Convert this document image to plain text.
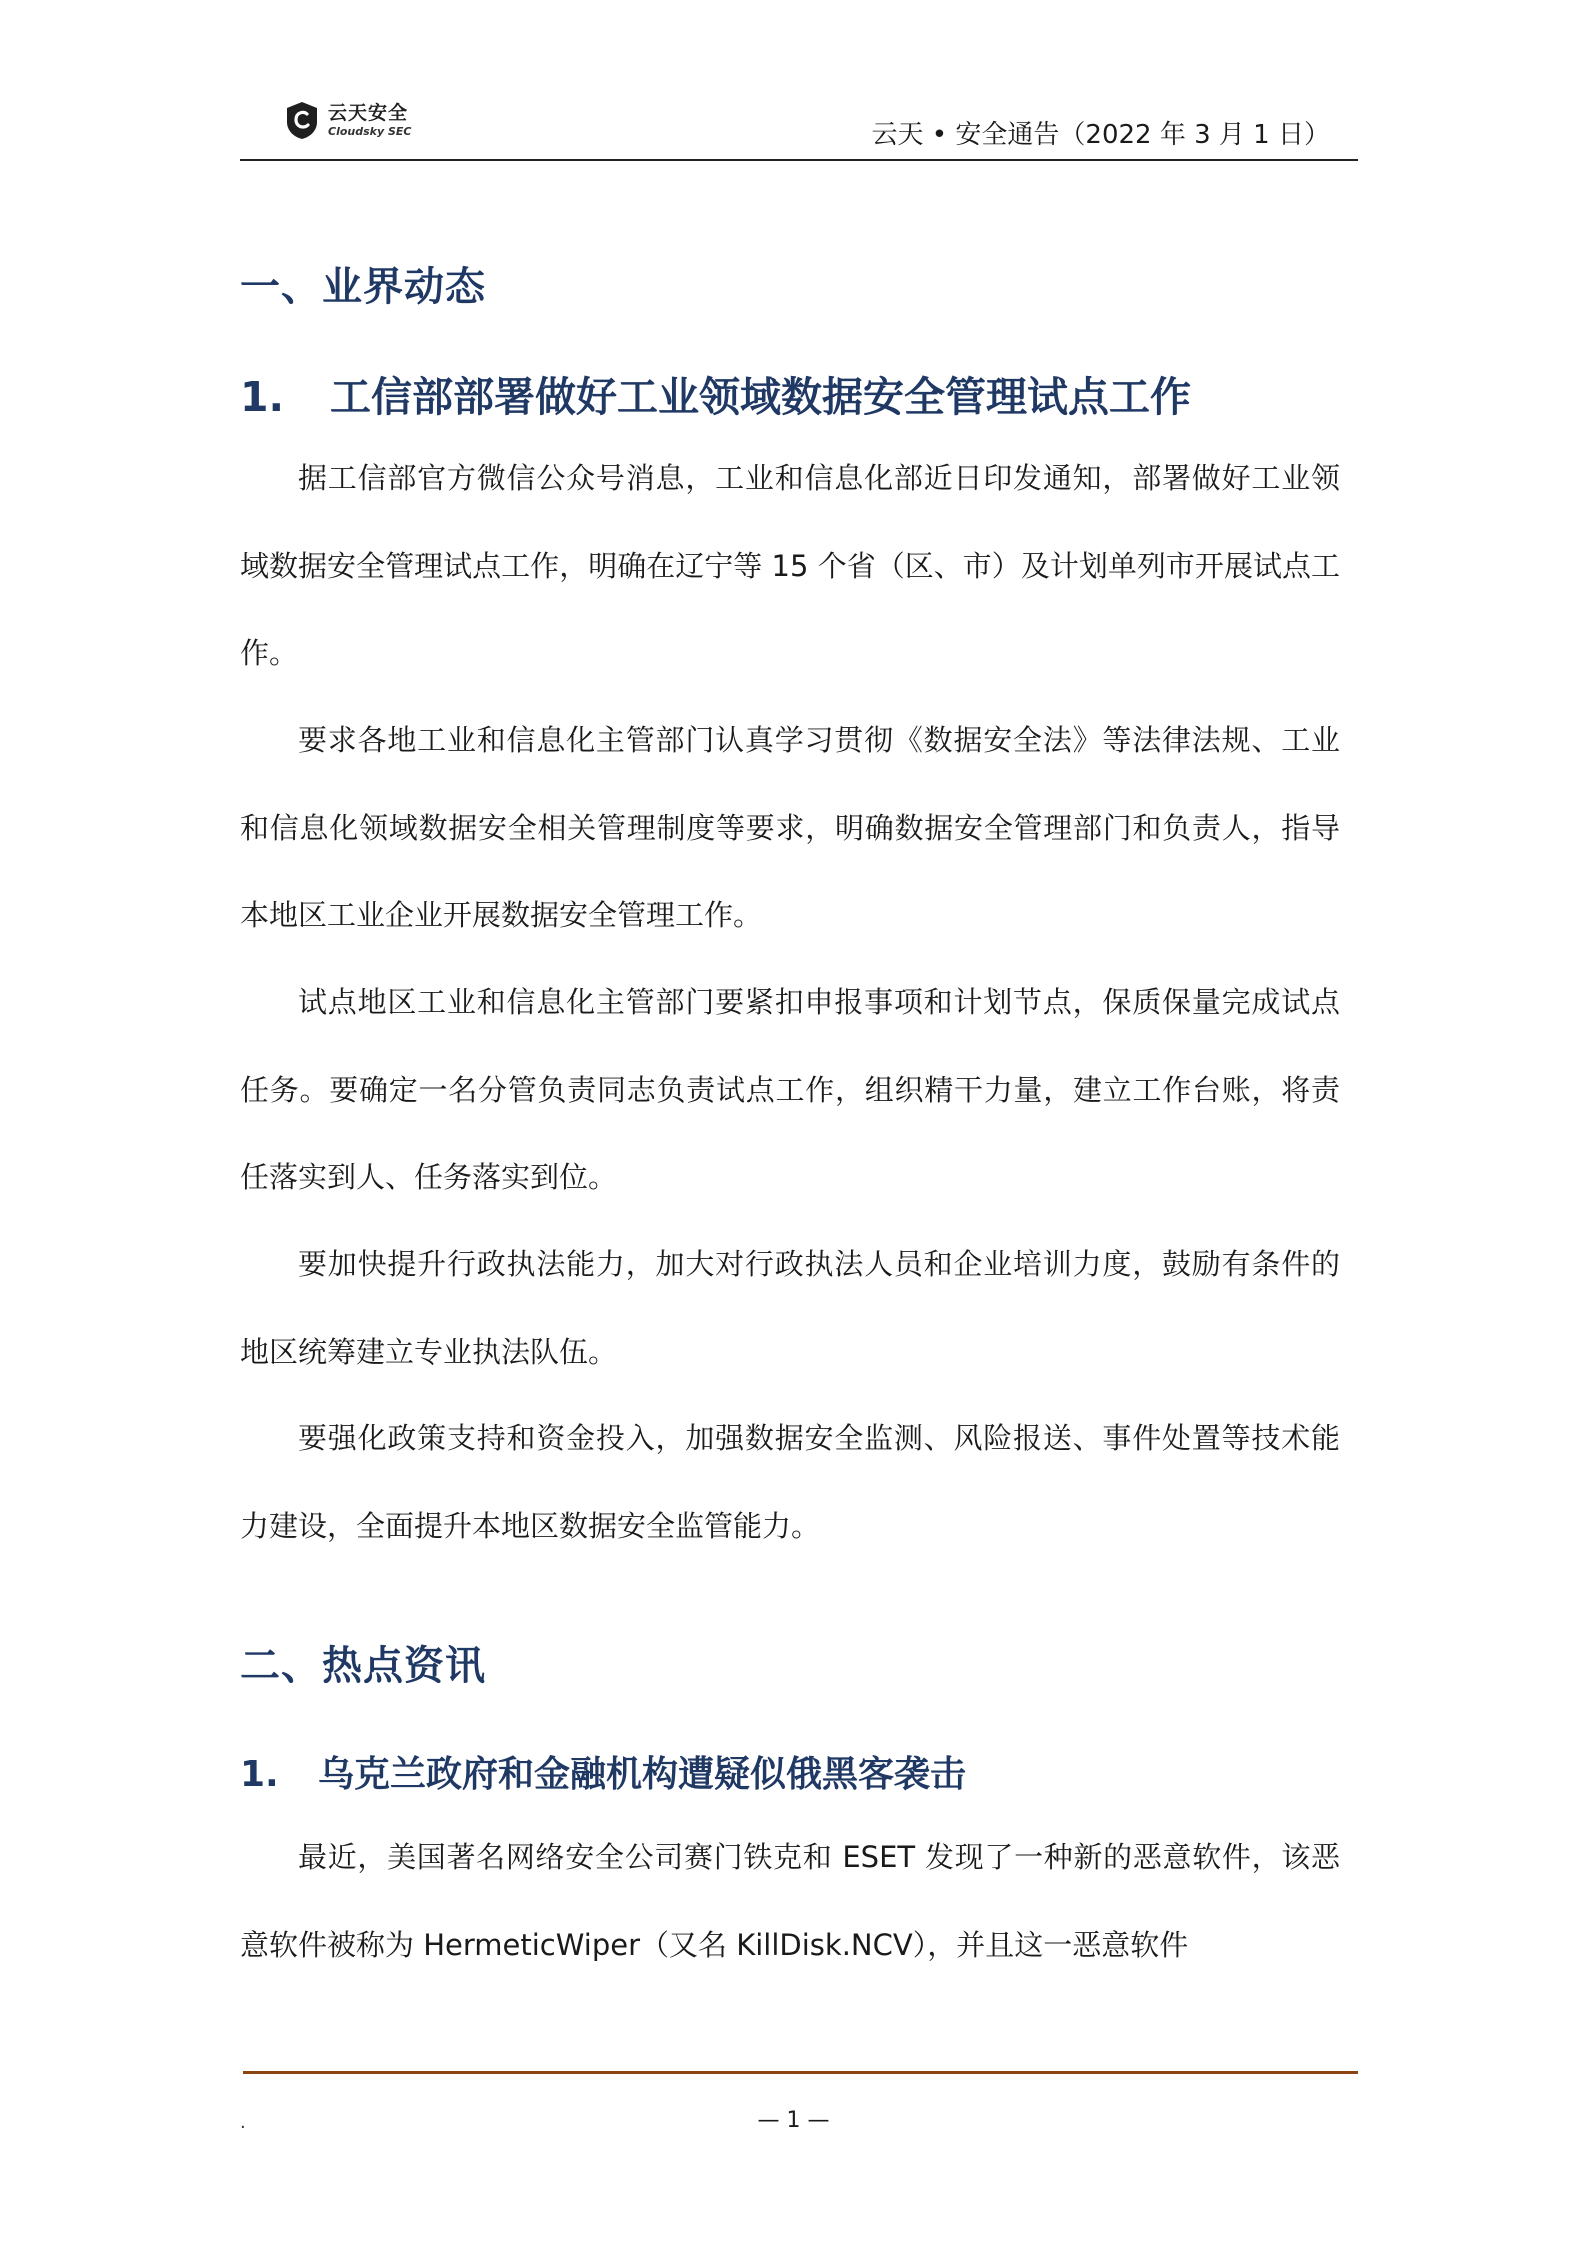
云天安全
Cloudsky SEC	云天 • 安全通告（2022 年 3 月 1 日）
一、业界动态
1. 工信部部署做好工业领域数据安全管理试点工作

据工信部官方微信公众号消息，工业和信息化部近日印发通知，部署做好工业领域数据安全管理试点工作，明确在辽宁等 15 个省（区、市）及计划单列市开展试点工作。

要求各地工业和信息化主管部门认真学习贯彻《数据安全法》等法律法规、工业和信息化领域数据安全相关管理制度等要求，明确数据安全管理部门和负责人，指导本地区工业企业开展数据安全管理工作。

试点地区工业和信息化主管部门要紧扣申报事项和计划节点，保质保量完成试点任务。要确定一名分管负责同志负责试点工作，组织精干力量，建立工作台账，将责任落实到人、任务落实到位。

要加快提升行政执法能力，加大对行政执法人员和企业培训力度，鼓励有条件的地区统筹建立专业执法队伍。

要强化政策支持和资金投入，加强数据安全监测、风险报送、事件处置等技术能力建设，全面提升本地区数据安全监管能力。

二、热点资讯
1. 乌克兰政府和金融机构遭疑似俄黑客袭击

最近，美国著名网络安全公司赛门铁克和 ESET 发现了一种新的恶意软件，该恶意软件被称为 HermeticWiper（又名 KillDisk.NCV），并且这一恶意软件

.	— 1 —
